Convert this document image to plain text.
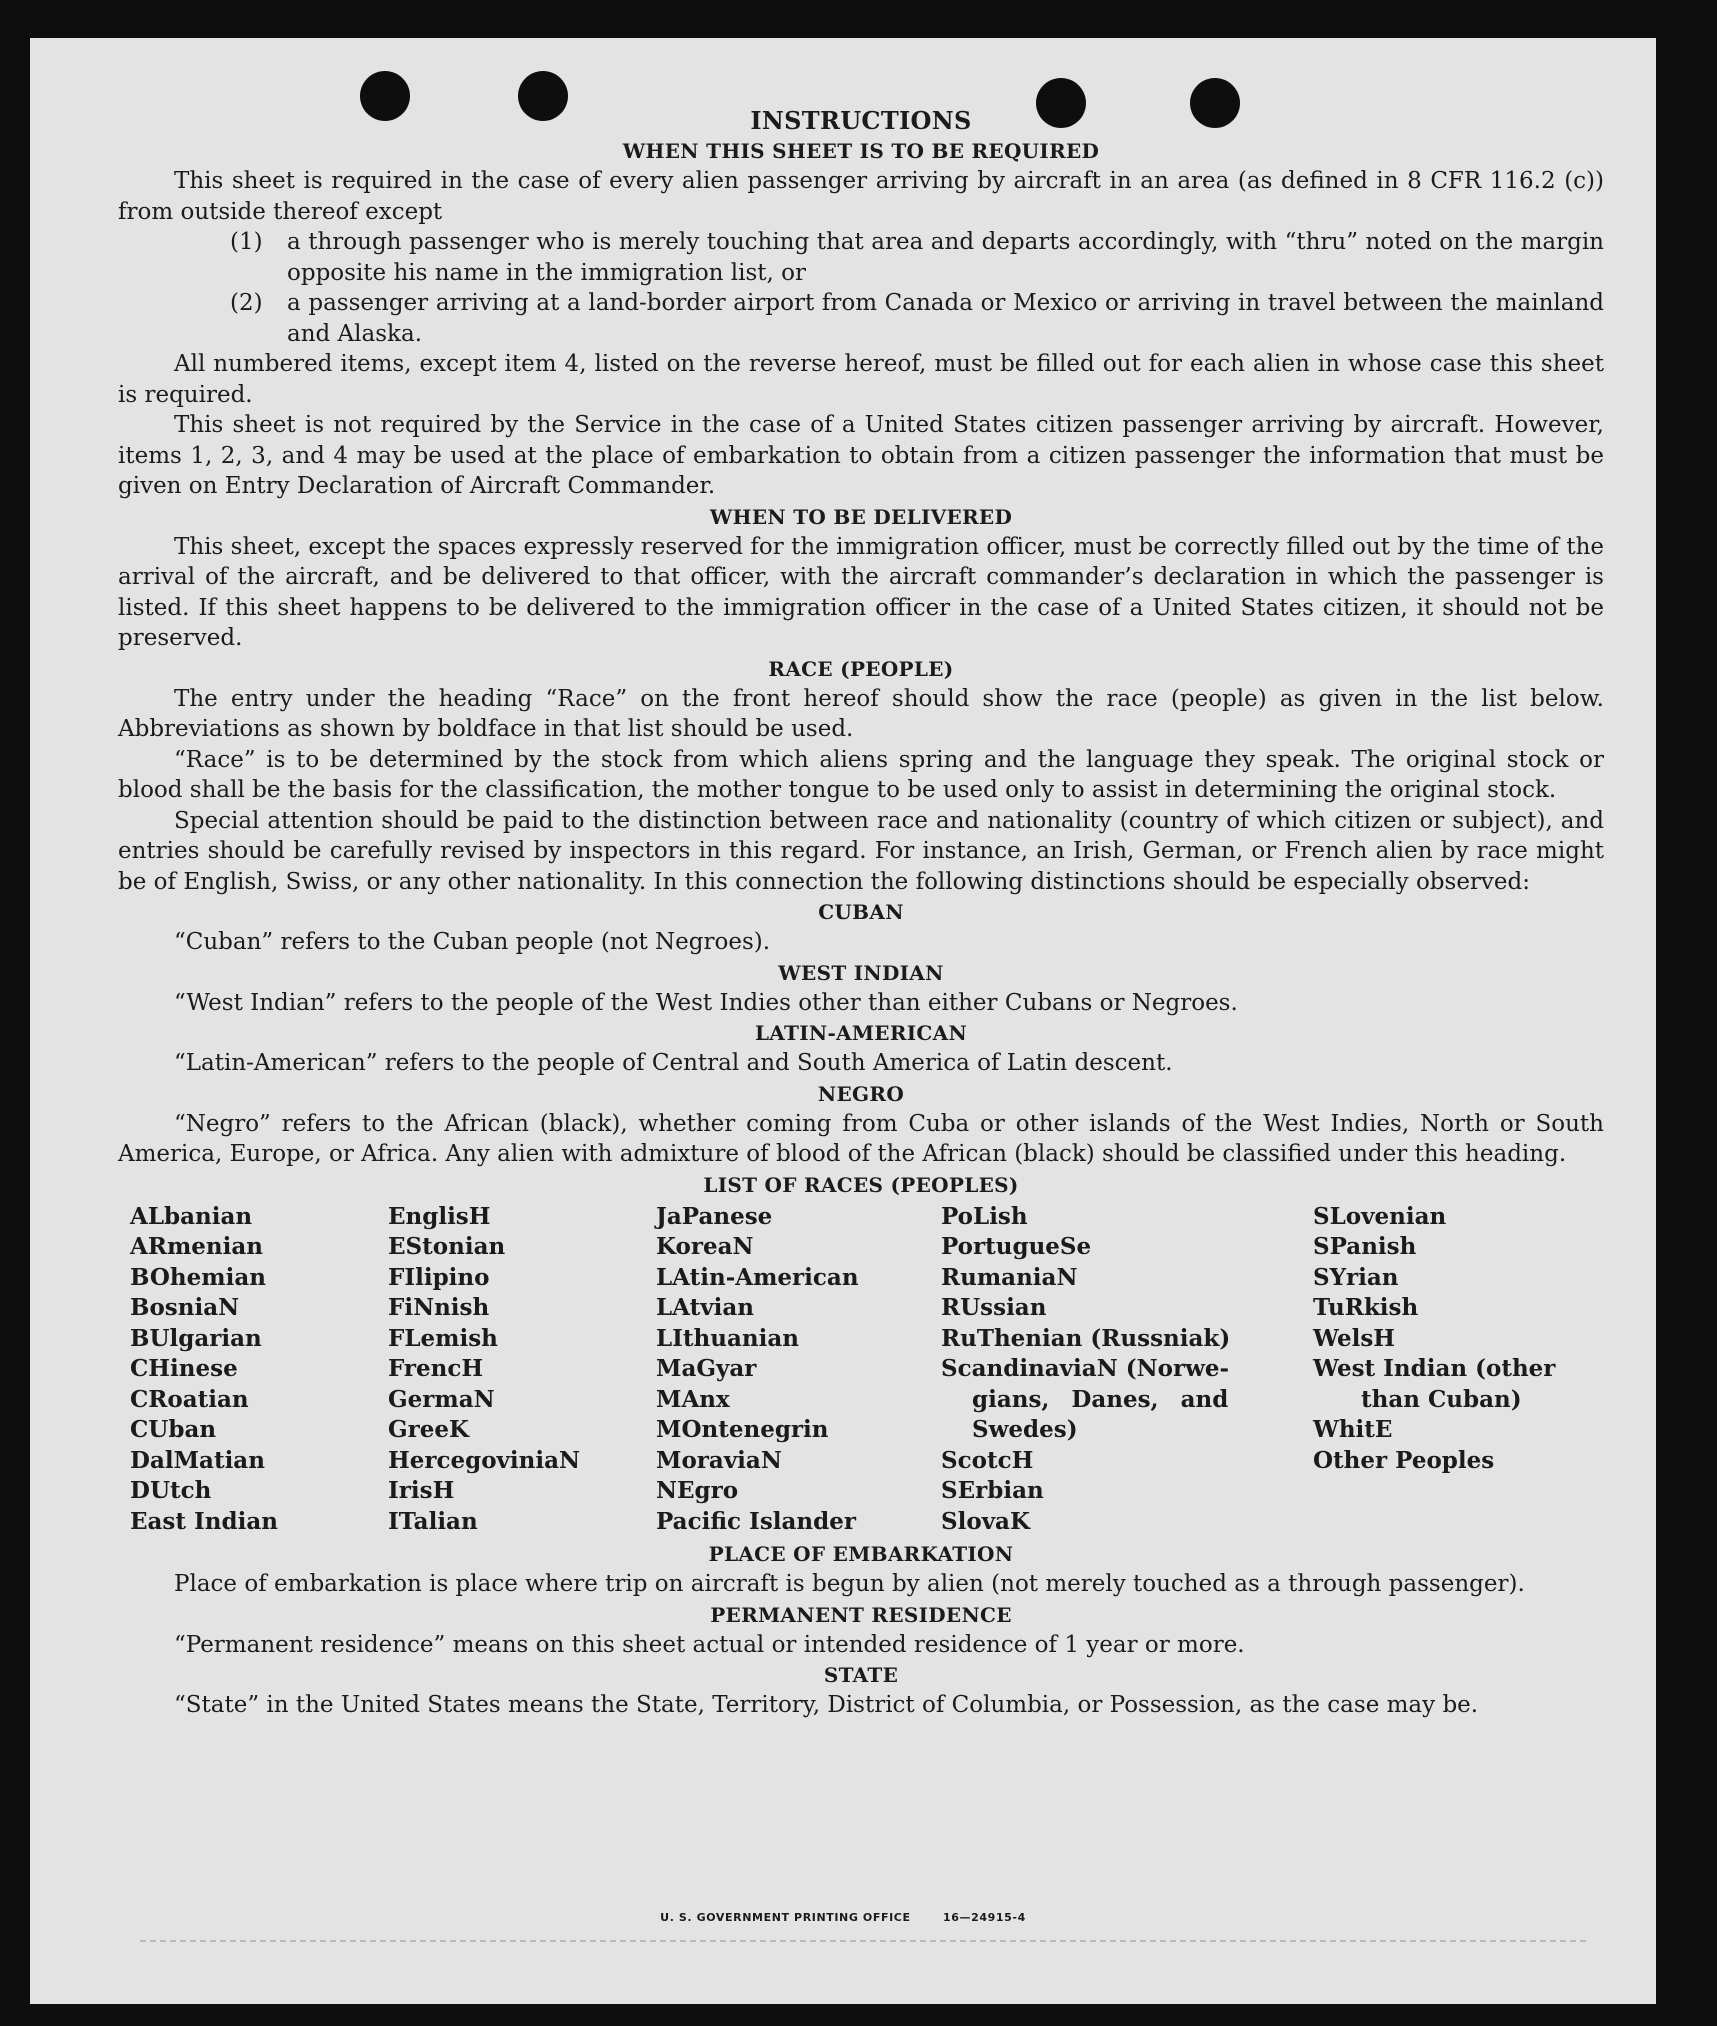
INSTRUCTIONS
WHEN THIS SHEET IS TO BE REQUIRED

This sheet is required in the case of every alien passenger arriving by aircraft in an area (as defined in 8 CFR 116.2 (c)) from outside thereof except

(1)	a through passenger who is merely touching that area and departs accordingly, with “thru” noted on the margin opposite his name in the immigration list, or
(2)	a passenger arriving at a land-border airport from Canada or Mexico or arriving in travel between the mainland and Alaska.

All numbered items, except item 4, listed on the reverse hereof, must be filled out for each alien in whose case this sheet is required.

This sheet is not required by the Service in the case of a United States citizen passenger arriving by aircraft. However, items 1, 2, 3, and 4 may be used at the place of embarkation to obtain from a citizen passenger the information that must be given on Entry Declaration of Aircraft Commander.

WHEN TO BE DELIVERED

This sheet, except the spaces expressly reserved for the immigration officer, must be correctly filled out by the time of the arrival of the aircraft, and be delivered to that officer, with the aircraft commander’s declaration in which the passenger is listed. If this sheet happens to be delivered to the immigration officer in the case of a United States citizen, it should not be preserved.

RACE (PEOPLE)

The entry under the heading “Race” on the front hereof should show the race (people) as given in the list below. Abbreviations as shown by boldface in that list should be used.

“Race” is to be determined by the stock from which aliens spring and the language they speak. The original stock or blood shall be the basis for the classification, the mother tongue to be used only to assist in determining the original stock.

Special attention should be paid to the distinction between race and nationality (country of which citizen or subject), and entries should be carefully revised by inspectors in this regard. For instance, an Irish, German, or French alien by race might be of English, Swiss, or any other nationality. In this connection the following distinctions should be especially observed:

CUBAN
“Cuban” refers to the Cuban people (not Negroes).
WEST INDIAN
“West Indian” refers to the people of the West Indies other than either Cubans or Negroes.
LATIN-AMERICAN
“Latin-American” refers to the people of Central and South America of Latin descent.
NEGRO

“Negro” refers to the African (black), whether coming from Cuba or other islands of the West Indies, North or South America, Europe, or Africa. Any alien with admixture of blood of the African (black) should be classified under this heading.

LIST OF RACES (PEOPLES)
ALbanian
ARmenian
BOhemian
BosniaN
BUlgarian
CHinese
CRoatian
CUban
DalMatian
DUtch
East Indian
EnglisH
EStonian
FIlipino
FiNnish
FLemish
FrencH
GermaN
GreeK
HercegoviniaN
IrisH
ITalian
JaPanese
KoreaN
LAtin-American
LAtvian
LIthuanian
MaGyar
MAnx
MOntenegrin
MoraviaN
NEgro
Pacific Islander
PoLish
PortugueSe
RumaniaN
RUssian
RuThenian (Russniak)
ScandinaviaN (Norwe-
gians, Danes, and
Swedes)
ScotcH
SErbian
SlovaK
SLovenian
SPanish
SYrian
TuRkish
WelsH
West Indian (other
than Cuban)
WhitE
Other Peoples
PLACE OF EMBARKATION

Place of embarkation is place where trip on aircraft is begun by alien (not merely touched as a through passenger).

PERMANENT RESIDENCE
“Permanent residence” means on this sheet actual or intended residence of 1 year or more.
STATE

“State” in the United States means the State, Territory, District of Columbia, or Possession, as the case may be.

U. S. GOVERNMENT PRINTING OFFICE	16—24915-4
